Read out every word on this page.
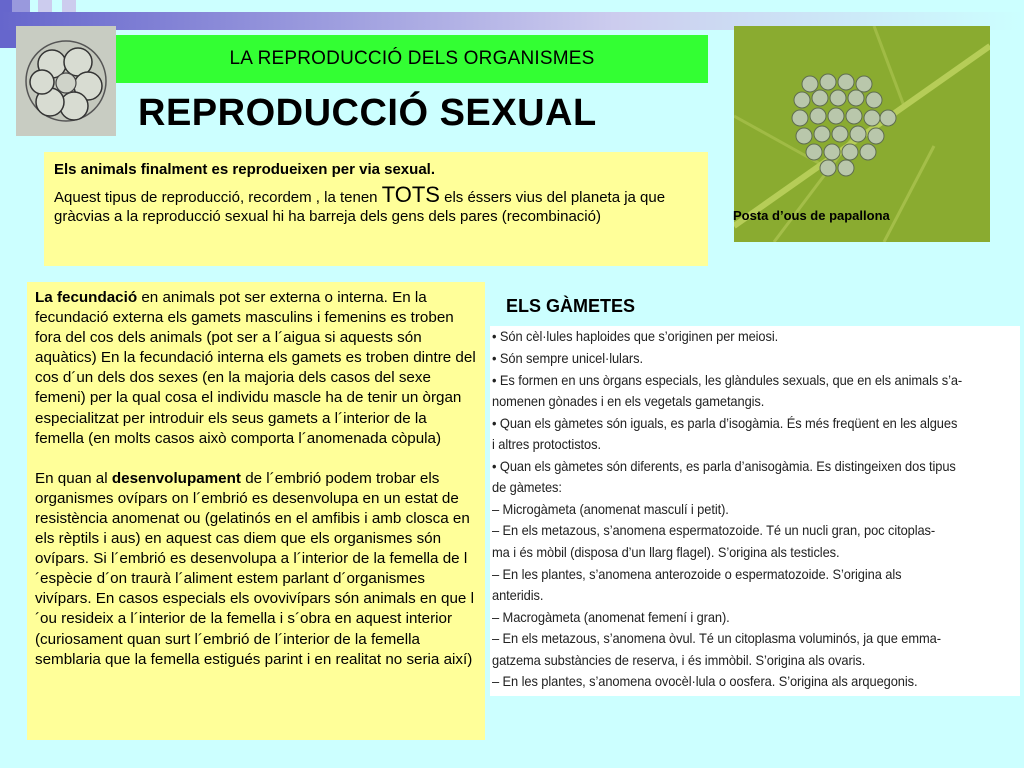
LA REPRODUCCIÓ DELS ORGANISMES
REPRODUCCIÓ SEXUAL

Els animals finalment es reprodueixen per via sexual.

Aquest tipus de reproducció, recordem , la tenen TOTS els éssers vius del planeta ja que gràcvias a la reproducció sexual hi ha barreja dels gens dels pares (recombinació)	Posta d’ous de papallona

La fecundació en animals pot ser externa o interna. En la fecundació externa els gamets masculins i femenins es troben fora del cos dels animals (pot ser a l´aigua si aquests són aquàtics) En la fecundació interna els gamets es troben dintre del cos d´un dels dos sexes (en la majoria dels casos del sexe femeni) per la qual cosa el individu mascle ha de tenir un òrgan especialitzat per introduir els seus gamets a l´interior de la femella (en molts casos això comporta l´anomenada còpula)

En quan al desenvolupament de l´embrió podem trobar els organismes ovípars on l´embrió es desenvolupa en un estat de resistència anomenat ou (gelatinós en el amfibis i amb closca en els rèptils i aus) en aquest cas diem que els organismes són ovípars. Si l´embrió es desenvolupa a l´interior de la femella de l´espècie d´on traurà l´aliment estem parlant d´organismes vivípars. En casos especials els ovovivípars són animals en que l´ou resideix a l´interior de la femella i s´obra en aquest interior (curiosament quan surt l´embrió de l´interior de la femella semblaria que la femella estigués parint i en realitat no seria així)

ELS GÀMETES
• Són cèl·lules haploides que s’originen per meiosi.
• Són sempre unicel·lulars.
• Es formen en uns òrgans especials, les glàndules sexuals, que en els animals s’a-
nomenen gònades i en els vegetals gametangis.
• Quan els gàmetes són iguals, es parla d’isogàmia. És més freqüent en les algues
i altres protoctistos.
• Quan els gàmetes són diferents, es parla d’anisogàmia. Es distingeixen dos tipus
de gàmetes:
– Microgàmeta (anomenat masculí i petit).
– En els metazous, s’anomena espermatozoide. Té un nucli gran, poc citoplas-
ma i és mòbil (disposa d’un llarg flagel). S’origina als testicles.
– En les plantes, s’anomena anterozoide o espermatozoide. S’origina als
anteridis.
– Macrogàmeta (anomenat femení i gran).
– En els metazous, s’anomena òvul. Té un citoplasma voluminós, ja que emma-
gatzema substàncies de reserva, i és immòbil. S’origina als ovaris.
– En les plantes, s’anomena ovocèl·lula o oosfera. S’origina als arquegonis.
